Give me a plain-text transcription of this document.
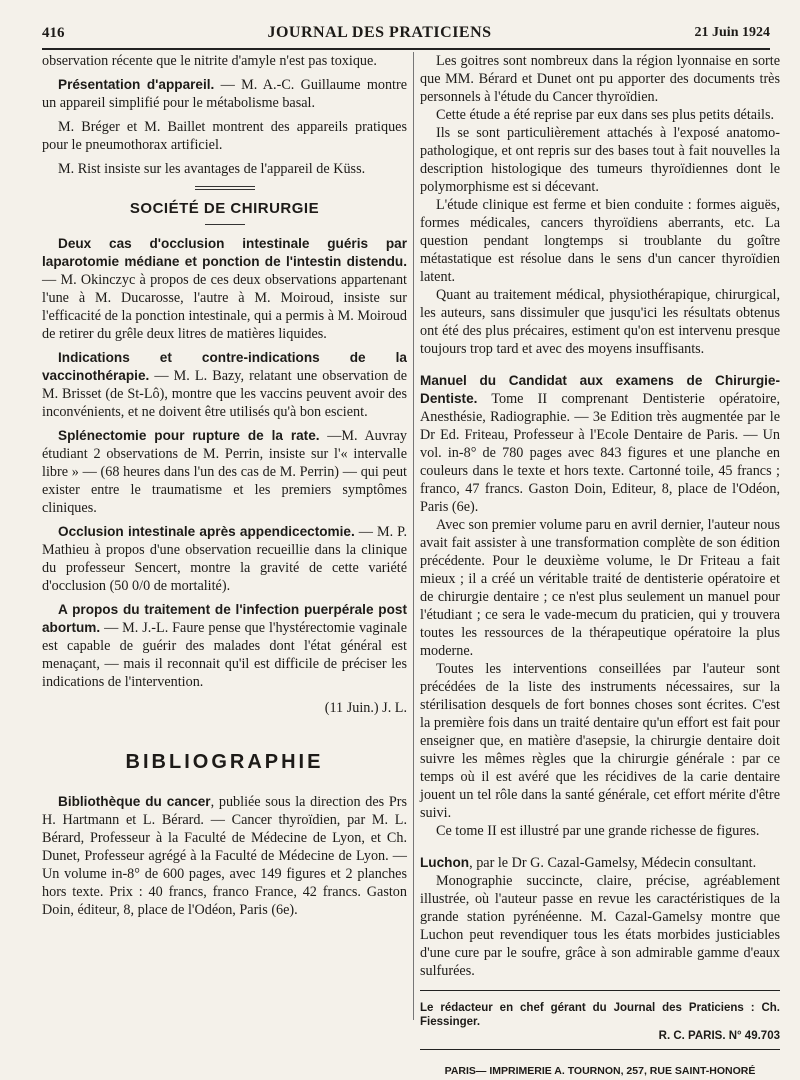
416	JOURNAL DES PRATICIENS	21 Juin 1924

observation récente que le nitrite d'amyle n'est pas toxique.

Présentation d'appareil. — M. A.-C. Guillaume montre un appareil simplifié pour le métabolisme basal.

M. Bréger et M. Baillet montrent des appareils pratiques pour le pneumothorax artificiel.

M. Rist insiste sur les avantages de l'appareil de Küss.

SOCIÉTÉ DE CHIRURGIE

Deux cas d'occlusion intestinale guéris par laparotomie médiane et ponction de l'intestin distendu. — M. Okinczyc à propos de ces deux observations appartenant l'une à M. Ducarosse, l'autre à M. Moiroud, insiste sur l'efficacité de la ponction intestinale, qui a permis à M. Moiroud de retirer du grêle deux litres de matières liquides.

Indications et contre-indications de la vaccinothérapie. — M. L. Bazy, relatant une observation de M. Brisset (de St-Lô), montre que les vaccins peuvent avoir des inconvénients, et ne doivent être utilisés qu'à bon escient.

Splénectomie pour rupture de la rate. —M. Auvray étudiant 2 observations de M. Perrin, insiste sur l'« intervalle libre » — (68 heures dans l'un des cas de M. Perrin) — qui peut exister entre le traumatisme et les premiers symptômes cliniques.

Occlusion intestinale après appendicectomie. — M. P. Mathieu à propos d'une observation recueillie dans la clinique du professeur Sencert, montre la gravité de cette variété d'occlusion (50 0/0 de mortalité).

A propos du traitement de l'infection puerpérale post abortum. — M. J.-L. Faure pense que l'hystérectomie vaginale est capable de guérir des malades dont l'état général est menaçant, — mais il reconnait qu'il est difficile de préciser les indications de l'intervention.

(11 Juin.) J. L.

BIBLIOGRAPHIE

Bibliothèque du cancer, publiée sous la direction des Prs H. Hartmann et L. Bérard. — Cancer thyroïdien, par M. L. Bérard, Professeur à la Faculté de Médecine de Lyon, et Ch. Dunet, Professeur agrégé à la Faculté de Médecine de Lyon. — Un volume in-8° de 600 pages, avec 149 figures et 2 planches hors texte. Prix : 40 francs, franco France, 42 francs. Gaston Doin, éditeur, 8, place de l'Odéon, Paris (6e).

Les goitres sont nombreux dans la région lyonnaise en sorte que MM. Bérard et Dunet ont pu apporter des documents très personnels à l'étude du Cancer thyroïdien.

Cette étude a été reprise par eux dans ses plus petits détails.

Ils se sont particulièrement attachés à l'exposé anatomo-pathologique, et ont repris sur des bases tout à fait nouvelles la description histologique des tumeurs thyroïdiennes dont le polymorphisme est si décevant.

L'étude clinique est ferme et bien conduite : formes aiguës, formes médicales, cancers thyroïdiens aberrants, etc. La question pendant longtemps si troublante du goître métastatique est résolue dans le sens d'un cancer thyroïdien latent.

Quant au traitement médical, physiothérapique, chirurgical, les auteurs, sans dissimuler que jusqu'ici les résultats obtenus ont été des plus précaires, estiment qu'on est intervenu presque toujours trop tard et avec des moyens insuffisants.

Manuel du Candidat aux examens de Chirurgie-Dentiste. Tome II comprenant Dentisterie opératoire, Anesthésie, Radiographie. — 3e Edition très augmentée par le Dr Ed. Friteau, Professeur à l'Ecole Dentaire de Paris. — Un vol. in-8° de 780 pages avec 843 figures et une planche en couleurs dans le texte et hors texte. Cartonné toile, 45 francs ; franco, 47 francs. Gaston Doin, Editeur, 8, place de l'Odéon, Paris (6e).

Avec son premier volume paru en avril dernier, l'auteur nous avait fait assister à une transformation complète de son édition précédente. Pour le deuxième volume, le Dr Friteau a fait mieux ; il a créé un véritable traité de dentisterie opératoire et de chirurgie dentaire ; ce n'est plus seulement un manuel pour l'étudiant ; ce sera le vade-mecum du praticien, qui y trouvera toutes les ressources de la thérapeutique opératoire la plus moderne.

Toutes les interventions conseillées par l'auteur sont précédées de la liste des instruments nécessaires, sur la stérilisation desquels de fort bonnes choses sont écrites. C'est la première fois dans un traité dentaire qu'un effort est fait pour enseigner que, en matière d'asepsie, la chirurgie dentaire doit suivre les mêmes règles que la chirurgie générale : par ce temps où il est avéré que les récidives de la carie dentaire jouent un tel rôle dans la santé générale, cet effort mérite d'être suivi.

Ce tome II est illustré par une grande richesse de figures.

Luchon, par le Dr G. Cazal-Gamelsy, Médecin consultant.

Monographie succincte, claire, précise, agréablement illustrée, où l'auteur passe en revue les caractéristiques de la grande station pyrénéenne. M. Cazal-Gamelsy montre que Luchon peut revendiquer tous les états morbides justiciables d'une cure par le soufre, grâce à son admirable gamme d'eaux sulfurées.

Le rédacteur en chef gérant du Journal des Praticiens : Ch. Fiessinger.

R. C. PARIS. N° 49.703

PARIS— IMPRIMERIE A. TOURNON, 257, RUE SAINT-HONORÉ
